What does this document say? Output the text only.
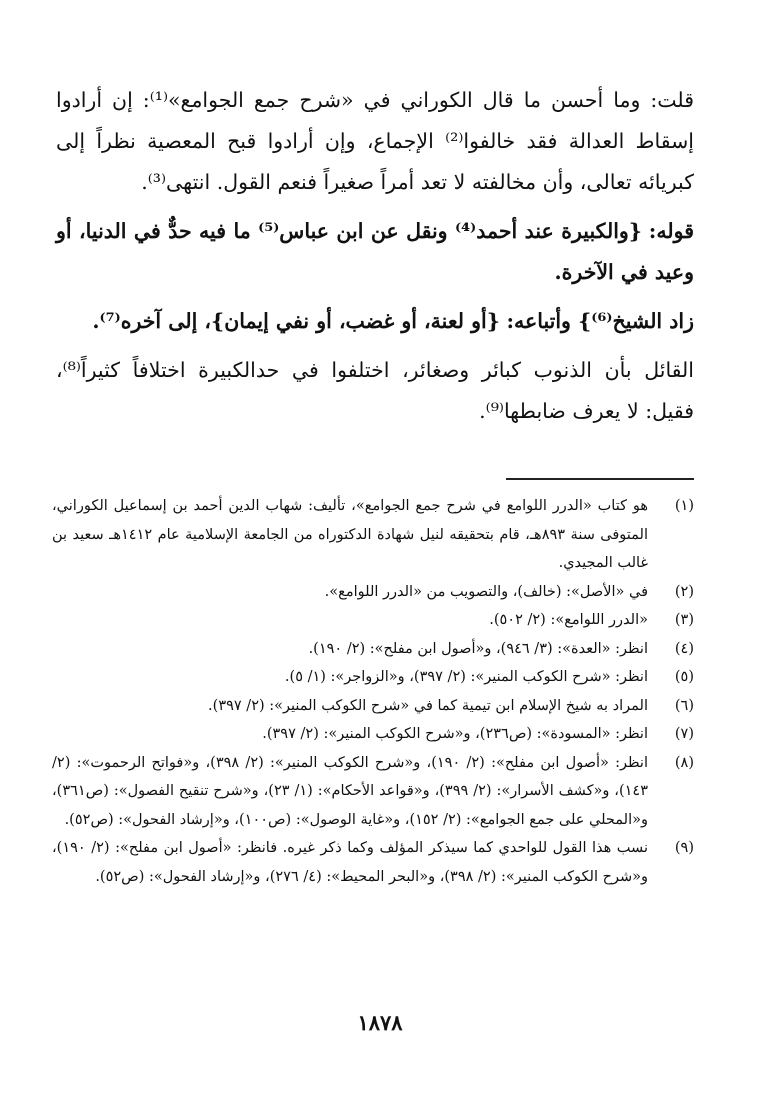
قلت: وما أحسن ما قال الكوراني في «شرح جمع الجوامع»⁽¹⁾: إن أرادوا إسقاط العدالة فقد خالفوا⁽²⁾ الإجماع، وإن أرادوا قبح المعصية نظراً إلى كبريائه تعالى، وأن مخالفته لا تعد أمراً صغيراً فنعم القول. انتهى⁽³⁾.

قوله: {والكبيرة عند أحمد⁽⁴⁾ ونقل عن ابن عباس⁽⁵⁾ ما فيه حدٌّ في الدنيا، أو وعيد في الآخرة.

زاد الشيخ⁽⁶⁾} وأتباعه: {أو لعنة، أو غضب، أو نفي إيمان}، إلى آخره⁽⁷⁾.

القائل بأن الذنوب كبائر وصغائر، اختلفوا في حدالكبيرة اختلافاً كثيراً⁽⁸⁾، فقيل: لا يعرف ضابطها⁽⁹⁾.

(١)
هو كتاب «الدرر اللوامع في شرح جمع الجوامع»، تأليف: شهاب الدين أحمد بن إسماعيل الكوراني، المتوفى سنة ٨٩٣هـ، قام بتحقيقه لنيل شهادة الدكتوراه من الجامعة الإسلامية عام ١٤١٢هـ سعيد بن غالب المجيدي.
(٢)
في «الأصل»: (خالف)، والتصويب من «الدرر اللوامع».
(٣)
«الدرر اللوامع»: (٢/ ٥٠٢).
(٤)
انظر: «العدة»: (٣/ ٩٤٦)، و«أصول ابن مفلح»: (٢/ ١٩٠).
(٥)
انظر: «شرح الكوكب المنير»: (٢/ ٣٩٧)، و«الزواجر»: (١/ ٥).
(٦)
المراد به شيخ الإسلام ابن تيمية كما في «شرح الكوكب المنير»: (٢/ ٣٩٧).
(٧)
انظر: «المسودة»: (ص٢٣٦)، و«شرح الكوكب المنير»: (٢/ ٣٩٧).
(٨)
انظر: «أصول ابن مفلح»: (٢/ ١٩٠)، و«شرح الكوكب المنير»: (٢/ ٣٩٨)، و«فواتح الرحموت»: (٢/ ١٤٣)، و«كشف الأسرار»: (٢/ ٣٩٩)، و«قواعد الأحكام»: (١/ ٢٣)، و«شرح تنقيح الفصول»: (ص٣٦١)، و«المحلي على جمع الجوامع»: (٢/ ١٥٢)، و«غاية الوصول»: (ص١٠٠)، و«إرشاد الفحول»: (ص٥٢).
(٩)
نسب هذا القول للواحدي كما سيذكر المؤلف وكما ذكر غيره. فانظر: «أصول ابن مفلح»: (٢/ ١٩٠)، و«شرح الكوكب المنير»: (٢/ ٣٩٨)، و«البحر المحيط»: (٤/ ٢٧٦)، و«إرشاد الفحول»: (ص٥٢).
١٨٧٨
